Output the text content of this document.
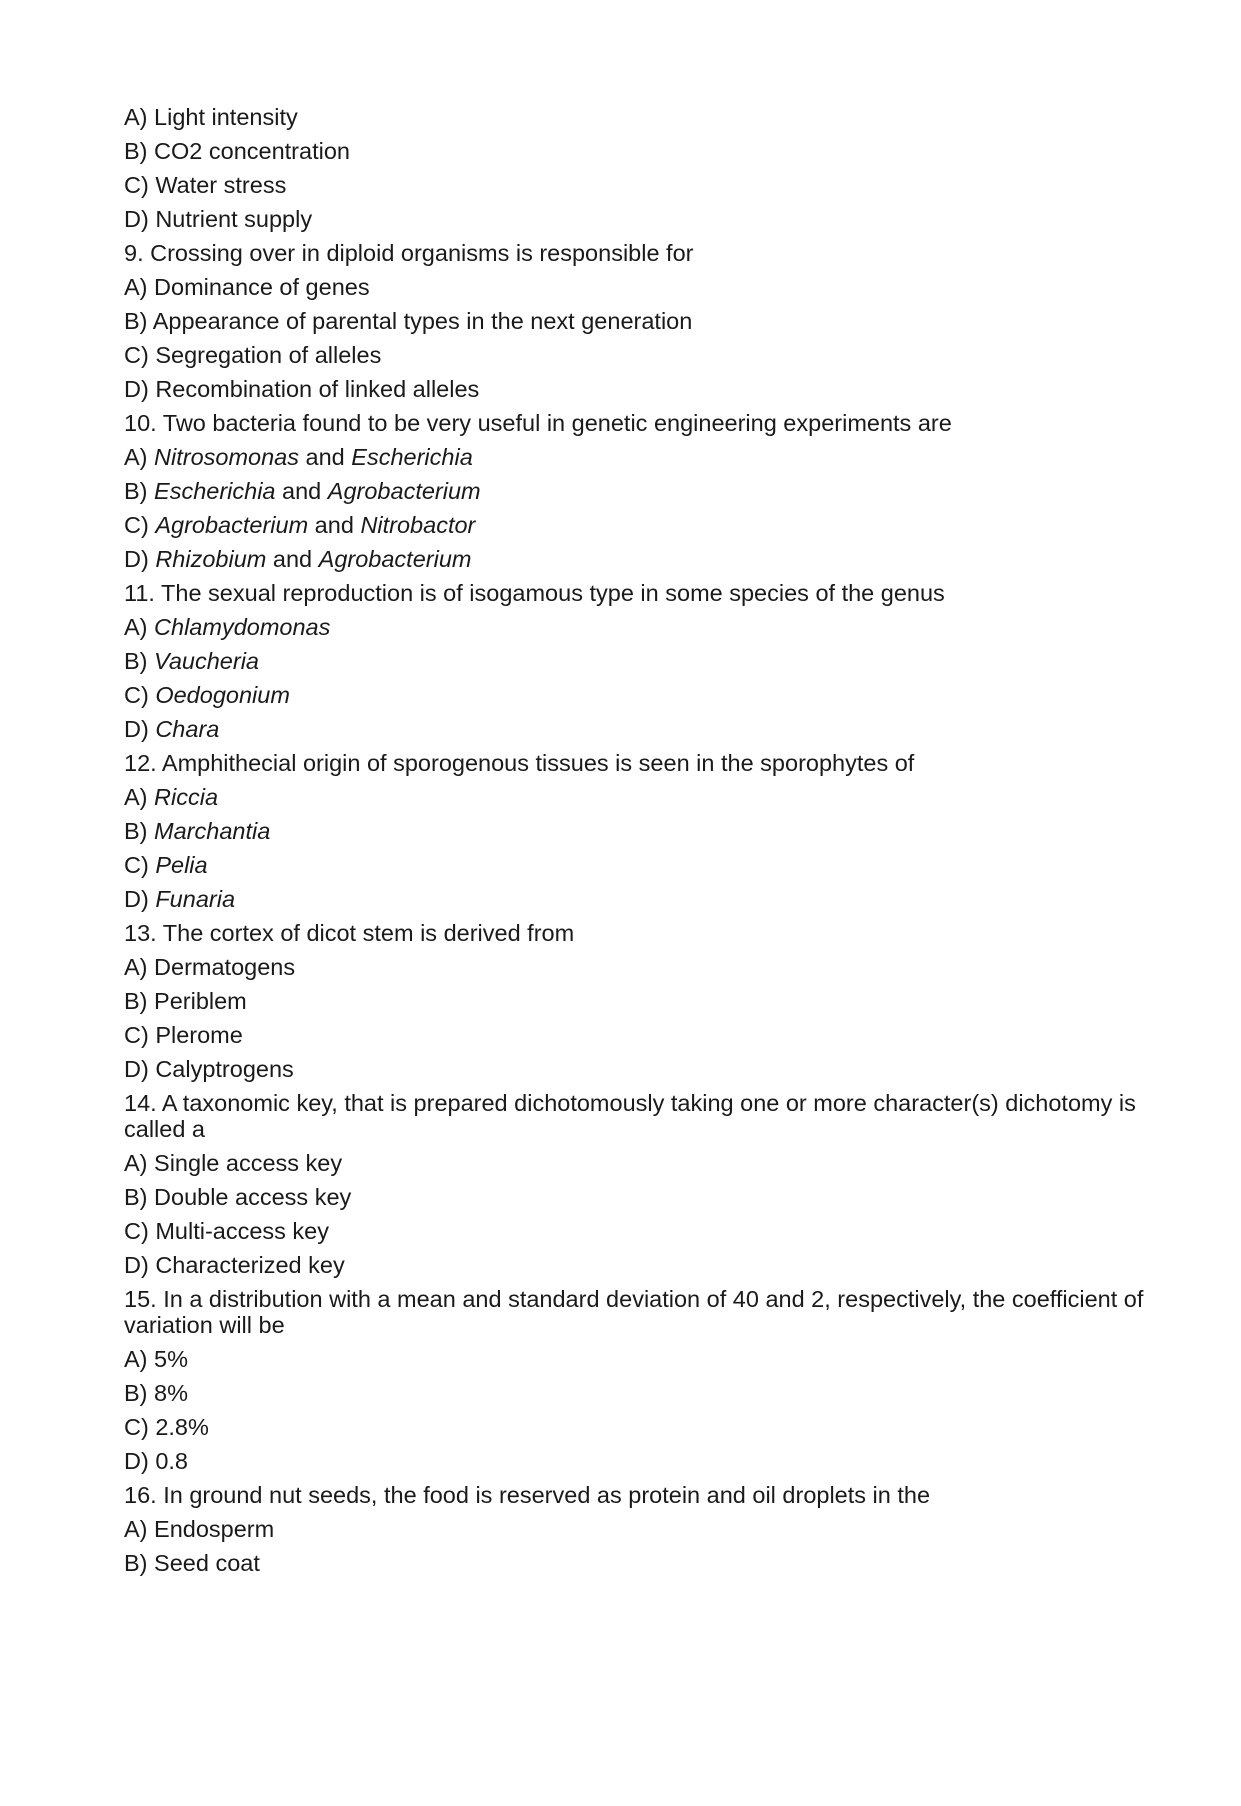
A) Light intensity
B) CO2 concentration
C) Water stress
D) Nutrient supply
9. Crossing over in diploid organisms is responsible for
A) Dominance of genes
B) Appearance of parental types in the next generation
C) Segregation of alleles
D) Recombination of linked alleles
10. Two bacteria found to be very useful in genetic engineering experiments are
A) Nitrosomonas and Escherichia
B) Escherichia and Agrobacterium
C) Agrobacterium and Nitrobactor
D) Rhizobium and Agrobacterium
11. The sexual reproduction is of isogamous type in some species of the genus
A) Chlamydomonas
B) Vaucheria
C) Oedogonium
D) Chara
12. Amphithecial origin of sporogenous tissues is seen in the sporophytes of
A) Riccia
B) Marchantia
C) Pelia
D) Funaria
13. The cortex of dicot stem is derived from
A) Dermatogens
B) Periblem
C) Plerome
D) Calyptrogens
14. A taxonomic key, that is prepared dichotomously taking one or more character(s) dichotomy is called a
A) Single access key
B) Double access key
C) Multi-access key
D) Characterized key
15. In a distribution with a mean and standard deviation of 40 and 2, respectively, the coefficient of variation will be
A) 5%
B) 8%
C) 2.8%
D) 0.8
16. In ground nut seeds, the food is reserved as protein and oil droplets in the
A) Endosperm
B) Seed coat
